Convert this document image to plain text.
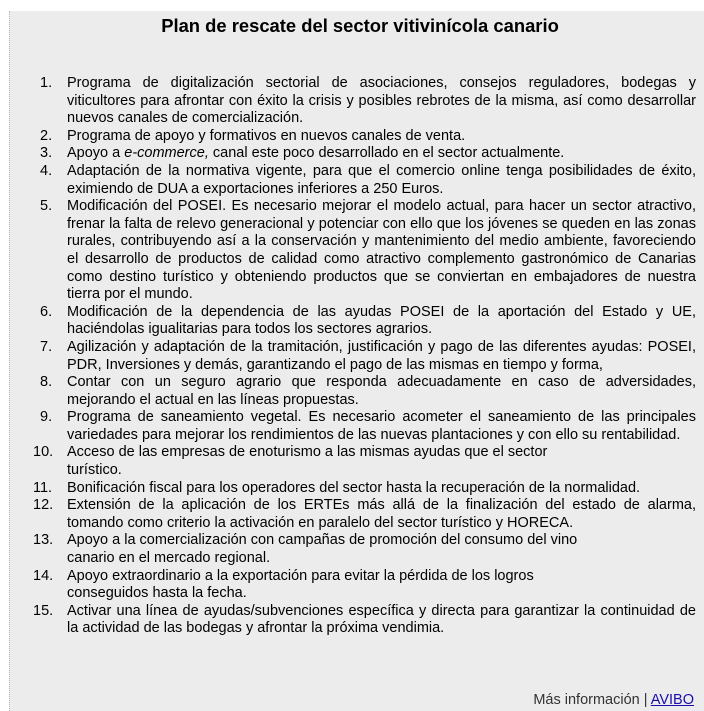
Plan de rescate del sector vitivinícola canario
1. Programa de digitalización sectorial de asociaciones, consejos reguladores, bodegas y viticultores para afrontar con éxito la crisis y posibles rebrotes de la misma, así como desarrollar nuevos canales de comercialización.
2. Programa de apoyo y formativos en nuevos canales de venta.
3. Apoyo a e-commerce, canal este poco desarrollado en el sector actualmente.
4. Adaptación de la normativa vigente, para que el comercio online tenga posibilidades de éxito, eximiendo de DUA a exportaciones inferiores a 250 Euros.
5. Modificación del POSEI. Es necesario mejorar el modelo actual, para hacer un sector atractivo, frenar la falta de relevo generacional y potenciar con ello que los jóvenes se queden en las zonas rurales, contribuyendo así a la conservación y mantenimiento del medio ambiente, favoreciendo el desarrollo de productos de calidad como atractivo complemento gastronómico de Canarias como destino turístico y obteniendo productos que se conviertan en embajadores de nuestra tierra por el mundo.
6. Modificación de la dependencia de las ayudas POSEI de la aportación del Estado y UE, haciéndolas igualitarias para todos los sectores agrarios.
7. Agilización y adaptación de la tramitación, justificación y pago de las diferentes ayudas: POSEI, PDR, Inversiones y demás, garantizando el pago de las mismas en tiempo y forma,
8. Contar con un seguro agrario que responda adecuadamente en caso de adversidades, mejorando el actual en las líneas propuestas.
9. Programa de saneamiento vegetal. Es necesario acometer el saneamiento de las principales variedades para mejorar los rendimientos de las nuevas plantaciones y con ello su rentabilidad.
10. Acceso de las empresas de enoturismo a las mismas ayudas que el sector turístico.
11. Bonificación fiscal para los operadores del sector hasta la recuperación de la normalidad.
12. Extensión de la aplicación de los ERTEs más allá de la finalización del estado de alarma, tomando como criterio la activación en paralelo del sector turístico y HORECA.
13. Apoyo a la comercialización con campañas de promoción del consumo del vino canario en el mercado regional.
14. Apoyo extraordinario a la exportación para evitar la pérdida de los logros conseguidos hasta la fecha.
15. Activar una línea de ayudas/subvenciones específica y directa para garantizar la continuidad de la actividad de las bodegas y afrontar la próxima vendimia.
Más información | AVIBO
